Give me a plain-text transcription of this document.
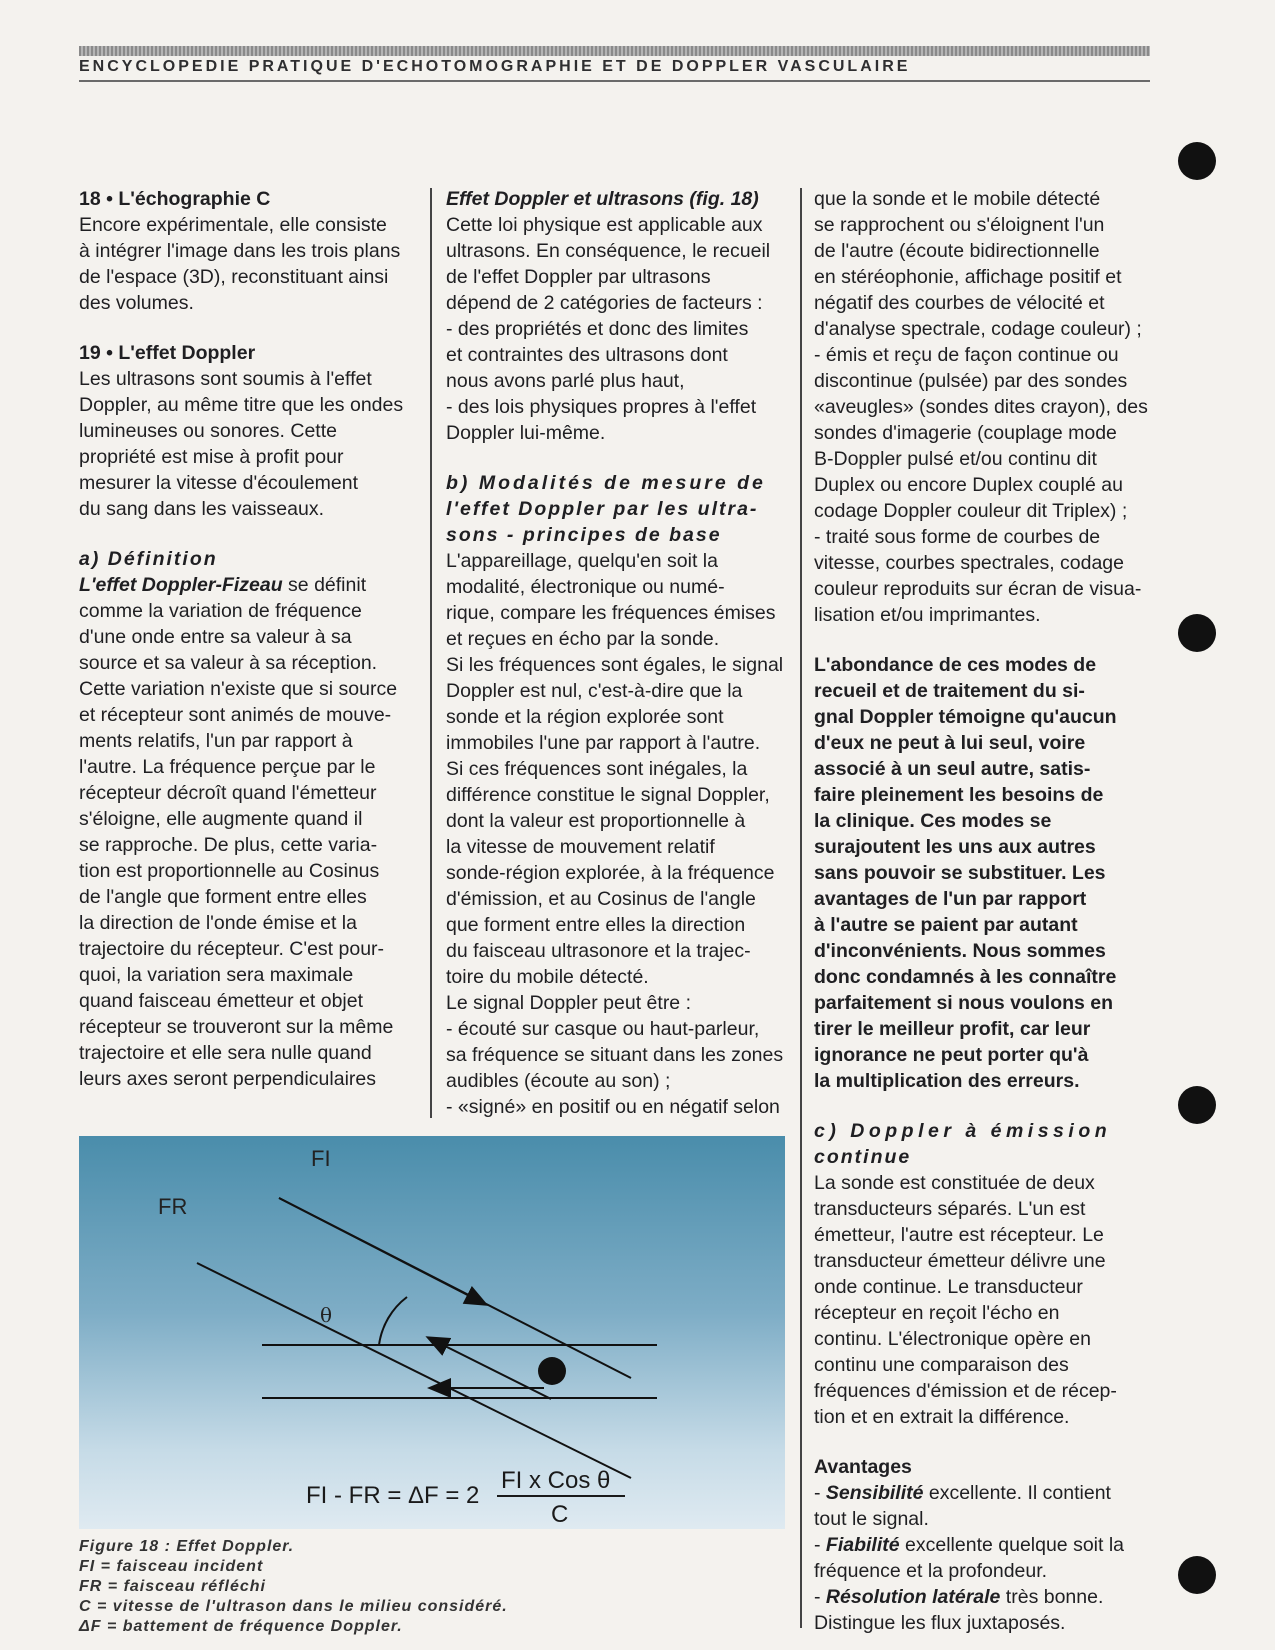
ENCYCLOPEDIE PRATIQUE D'ECHOTOMOGRAPHIE ET DE DOPPLER VASCULAIRE

18 • L'échographie C

Encore expérimentale, elle consiste

à intégrer l'image dans les trois plans

de l'espace (3D), reconstituant ainsi

des volumes.

19 • L'effet Doppler

Les ultrasons sont soumis à l'effet

Doppler, au même titre que les ondes

lumineuses ou sonores. Cette

propriété est mise à profit pour

mesurer la vitesse d'écoulement

du sang dans les vaisseaux.

a) Définition

L'effet Doppler-Fizeau se définit

comme la variation de fréquence

d'une onde entre sa valeur à sa

source et sa valeur à sa réception.

Cette variation n'existe que si source

et récepteur sont animés de mouve-

ments relatifs, l'un par rapport à

l'autre. La fréquence perçue par le

récepteur décroît quand l'émetteur

s'éloigne, elle augmente quand il

se rapproche. De plus, cette varia-

tion est proportionnelle au Cosinus

de l'angle que forment entre elles

la direction de l'onde émise et la

trajectoire du récepteur. C'est pour-

quoi, la variation sera maximale

quand faisceau émetteur et objet

récepteur se trouveront sur la même

trajectoire et elle sera nulle quand

leurs axes seront perpendiculaires

Effet Doppler et ultrasons (fig. 18)

Cette loi physique est applicable aux

ultrasons. En conséquence, le recueil

de l'effet Doppler par ultrasons

dépend de 2 catégories de facteurs :

- des propriétés et donc des limites

et contraintes des ultrasons dont

nous avons parlé plus haut,

- des lois physiques propres à l'effet

Doppler lui-même.

b) Modalités de mesure de

l'effet Doppler par les ultra-

sons - principes de base

L'appareillage, quelqu'en soit la

modalité, électronique ou numé-

rique, compare les fréquences émises

et reçues en écho par la sonde.

Si les fréquences sont égales, le signal

Doppler est nul, c'est-à-dire que la

sonde et la région explorée sont

immobiles l'une par rapport à l'autre.

Si ces fréquences sont inégales, la

différence constitue le signal Doppler,

dont la valeur est proportionnelle à

la vitesse de mouvement relatif

sonde-région explorée, à la fréquence

d'émission, et au Cosinus de l'angle

que forment entre elles la direction

du faisceau ultrasonore et la trajec-

toire du mobile détecté.

Le signal Doppler peut être :

- écouté sur casque ou haut-parleur,

sa fréquence se situant dans les zones

audibles (écoute au son) ;

- «signé» en positif ou en négatif selon

que la sonde et le mobile détecté

se rapprochent ou s'éloignent l'un

de l'autre (écoute bidirectionnelle

en stéréophonie, affichage positif et

négatif des courbes de vélocité et

d'analyse spectrale, codage couleur) ;

- émis et reçu de façon continue ou

discontinue (pulsée) par des sondes

«aveugles» (sondes dites crayon), des

sondes d'imagerie (couplage mode

B-Doppler pulsé et/ou continu dit

Duplex ou encore Duplex couplé au

codage Doppler couleur dit Triplex) ;

- traité sous forme de courbes de

vitesse, courbes spectrales, codage

couleur reproduits sur écran de visua-

lisation et/ou imprimantes.

L'abondance de ces modes de

recueil et de traitement du si-

gnal Doppler témoigne qu'aucun

d'eux ne peut à lui seul, voire

associé à un seul autre, satis-

faire pleinement les besoins de

la clinique. Ces modes se

surajoutent les uns aux autres

sans pouvoir se substituer. Les

avantages de l'un par rapport

à l'autre se paient par autant

d'inconvénients. Nous sommes

donc condamnés à les connaître

parfaitement si nous voulons en

tirer le meilleur profit, car leur

ignorance ne peut porter qu'à

la multiplication des erreurs.

c) Doppler à émission

continue

La sonde est constituée de deux

transducteurs séparés. L'un est

émetteur, l'autre est récepteur. Le

transducteur émetteur délivre une

onde continue. Le transducteur

récepteur en reçoit l'écho en

continu. L'électronique opère en

continu une comparaison des

fréquences d'émission et de récep-

tion et en extrait la différence.

Avantages

- Sensibilité excellente. Il contient

tout le signal.

- Fiabilité excellente quelque soit la

fréquence et la profondeur.

- Résolution latérale très bonne.

Distingue les flux juxtaposés.

FI
FR
θ
FI - FR = ΔF = 2
FI x Cos θ
C

Figure 18 : Effet Doppler.

FI = faisceau incident

FR = faisceau réfléchi

C = vitesse de l'ultrason dans le milieu considéré.

ΔF = battement de fréquence Doppler.
